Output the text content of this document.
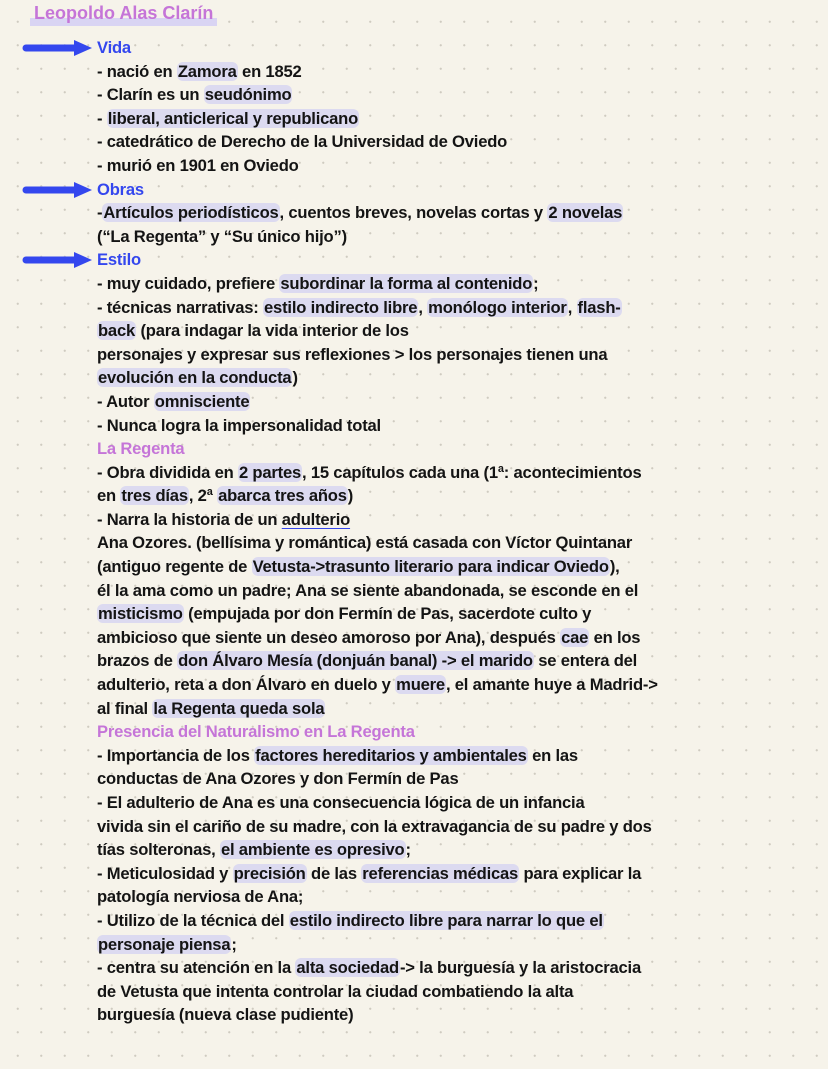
Leopoldo Alas Clarín
Vida
- nació en Zamora en 1852
- Clarín es un seudónimo
- liberal, anticlerical y republicano
- catedrático de Derecho de la Universidad de Oviedo
- murió en 1901 en Oviedo
Obras
-Artículos periodísticos, cuentos breves, novelas cortas y 2 novelas
(“La Regenta” y “Su único hijo”)
Estilo
- muy cuidado, prefiere subordinar la forma al contenido;
- técnicas narrativas: estilo indirecto libre, monólogo interior, flash-
back (para indagar la vida interior de los
personajes y expresar sus reflexiones > los personajes tienen una
evolución en la conducta)
- Autor omnisciente
- Nunca logra la impersonalidad total
La Regenta
- Obra dividida en 2 partes, 15 capítulos cada una (1ª: acontecimientos
en tres días, 2ª abarca tres años)
- Narra la historia de un adulterio
Ana Ozores. (bellísima y romántica) está casada con Víctor Quintanar
(antiguo regente de Vetusta->trasunto literario para indicar Oviedo),
él la ama como un padre; Ana se siente abandonada, se esconde en el
misticismo (empujada por don Fermín de Pas, sacerdote culto y
ambicioso que siente un deseo amoroso por Ana), después cae en los
brazos de don Álvaro Mesía (donjuán banal) -> el marido se entera del
adulterio, reta a don Álvaro en duelo y muere, el amante huye a Madrid->
al final la Regenta queda sola
Presencia del Naturalismo en La Regenta
- Importancia de los factores hereditarios y ambientales en las
conductas de Ana Ozores y don Fermín de Pas
- El adulterio de Ana es una consecuencia lógica de un infancia
vivida sin el cariño de su madre, con la extravagancia de su padre y dos
tías solteronas, el ambiente es opresivo;
- Meticulosidad y precisión de las referencias médicas para explicar la
patología nerviosa de Ana;
- Utilizo de la técnica del estilo indirecto libre para narrar lo que el
personaje piensa;
- centra su atención en la alta sociedad-> la burguesía y la aristocracia
de Vetusta que intenta controlar la ciudad combatiendo la alta
burguesía (nueva clase pudiente)
